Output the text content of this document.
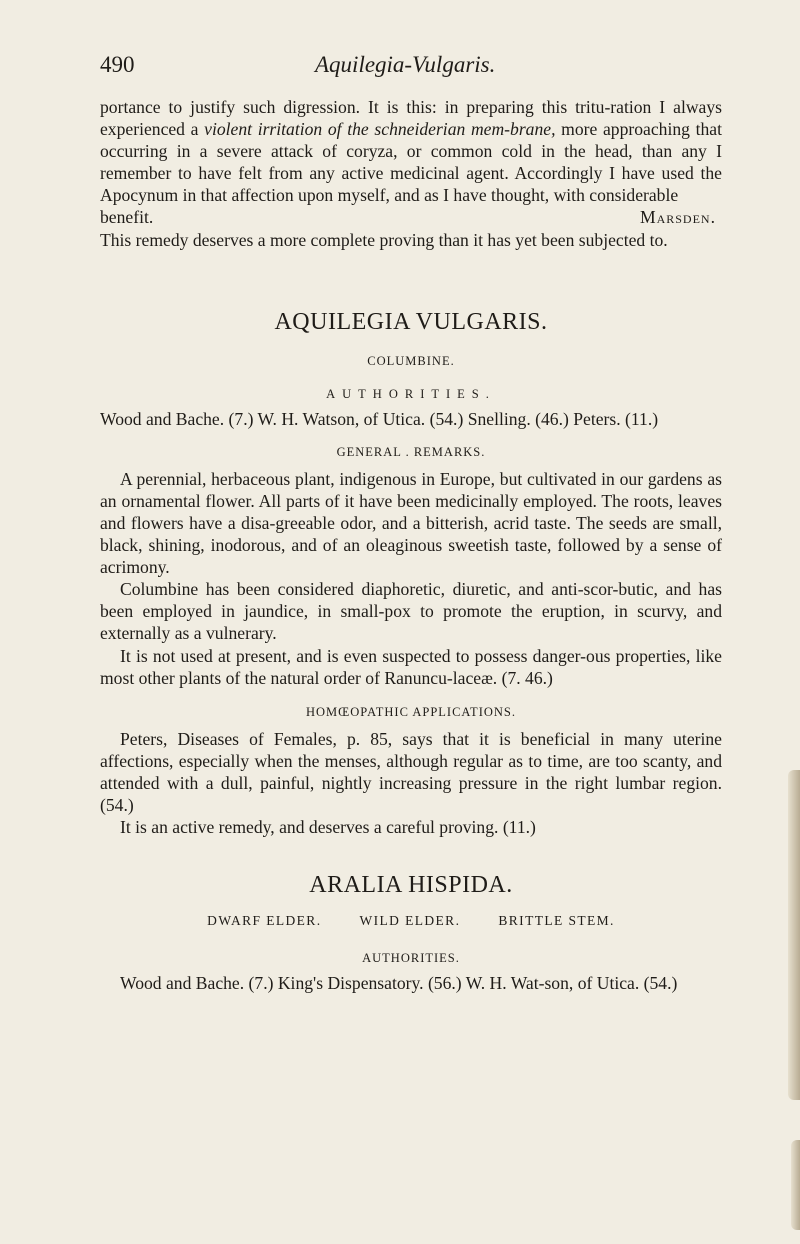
490	Aquilegia-Vulgaris.

portance to justify such digression. It is this: in preparing this tritu-ration I always experienced a violent irritation of the schneiderian mem-brane, more approaching that occurring in a severe attack of coryza, or common cold in the head, than any I remember to have felt from any active medicinal agent. Accordingly I have used the Apocynum in that affection upon myself, and as I have thought, with considerable

benefit.	Marsden.

This remedy deserves a more complete proving than it has yet been subjected to.

AQUILEGIA VULGARIS.
COLUMBINE.
AUTHORITIES.

Wood and Bache. (7.) W. H. Watson, of Utica. (54.) Snelling. (46.) Peters. (11.)

GENERAL . REMARKS.

A perennial, herbaceous plant, indigenous in Europe, but cultivated in our gardens as an ornamental flower. All parts of it have been medicinally employed. The roots, leaves and flowers have a disa-greeable odor, and a bitterish, acrid taste. The seeds are small, black, shining, inodorous, and of an oleaginous sweetish taste, followed by a sense of acrimony.

Columbine has been considered diaphoretic, diuretic, and anti-scor-butic, and has been employed in jaundice, in small-pox to promote the eruption, in scurvy, and externally as a vulnerary.

It is not used at present, and is even suspected to possess danger-ous properties, like most other plants of the natural order of Ranuncu-laceæ. (7. 46.)

HOMŒOPATHIC APPLICATIONS.

Peters, Diseases of Females, p. 85, says that it is beneficial in many uterine affections, especially when the menses, although regular as to time, are too scanty, and attended with a dull, painful, nightly increasing pressure in the right lumbar region. (54.)

It is an active remedy, and deserves a careful proving. (11.)

ARALIA HISPIDA.
DWARF ELDER.	WILD ELDER.	BRITTLE STEM.
AUTHORITIES.

Wood and Bache. (7.) King's Dispensatory. (56.) W. H. Wat-son, of Utica. (54.)
